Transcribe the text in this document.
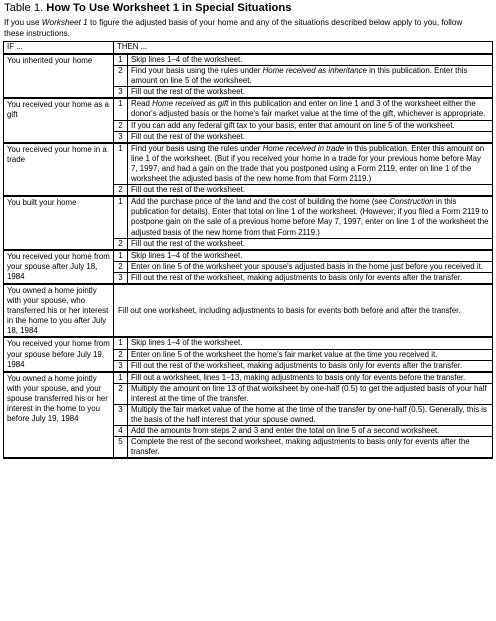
Table 1. How To Use Worksheet 1 in Special Situations
If you use Worksheet 1 to figure the adjusted basis of your home and any of the situations described below apply to you, follow these instructions.
IF ...	THEN ...	
You inherited your home	1	Skip lines 1–4 of the worksheet.
	2	Find your basis using the rules under Home received as inheritance in this publication. Enter this amount on line 5 of the worksheet.
	3	Fill out the rest of the worksheet.
You received your home as a gift	1	Read Home received as gift in this publication and enter on line 1 and 3 of the worksheet either the donor's adjusted basis or the home's fair market value at the time of the gift, whichever is appropriate.
	2	If you can add any federal gift tax to your basis, enter that amount on line 5 of the worksheet.
	3	Fill out the rest of the worksheet.
You received your home in a trade	1	Find your basis using the rules under Home received in trade in this publication. Enter this amount on line 1 of the worksheet. (But if you received your home in a trade for your previous home before May 7, 1997, and had a gain on the trade that you postponed using a Form 2119, enter on line 1 of the worksheet the adjusted basis of the new home from that Form 2119.)
	2	Fill out the rest of the worksheet.
You built your home	1	Add the purchase price of the land and the cost of building the home (see Construction in this publication for details). Enter that total on line 1 of the worksheet. (However, if you filed a Form 2119 to postpone gain on the sale of a previous home before May 7, 1997, enter on line 1 of the worksheet the adjusted basis of the new home from that Form 2119.)
	2	Fill out the rest of the worksheet.
You received your home from your spouse after July 18, 1984	1	Skip lines 1–4 of the worksheet.
	2	Enter on line 5 of the worksheet your spouse's adjusted basis in the home just before you received it.
	3	Fill out the rest of the worksheet, making adjustments to basis only for events after the transfer.
You owned a home jointly with your spouse, who transferred his or her interest in the home to you after July 18, 1984	Fill out one worksheet, including adjustments to basis for events both before and after the transfer.	
You received your home from your spouse before July 19, 1984	1	Skip lines 1–4 of the worksheet.
	2	Enter on line 5 of the worksheet the home's fair market value at the time you received it.
	3	Fill out the rest of the worksheet, making adjustments to basis only for events after the transfer.
You owned a home jointly with your spouse, and your spouse transferred his or her interest in the home to you before July 19, 1984	1	Fill out a worksheet, lines 1–13, making adjustments to basis only for events before the transfer.
	2	Multiply the amount on line 13 of that worksheet by one-half (0.5) to get the adjusted basis of your half interest at the time of the transfer.
	3	Multiply the fair market value of the home at the time of the transfer by one-half (0.5). Generally, this is the basis of the half interest that your spouse owned.
	4	Add the amounts from steps 2 and 3 and enter the total on line 5 of a second worksheet.
	5	Complete the rest of the second worksheet, making adjustments to basis only for events after the transfer.
